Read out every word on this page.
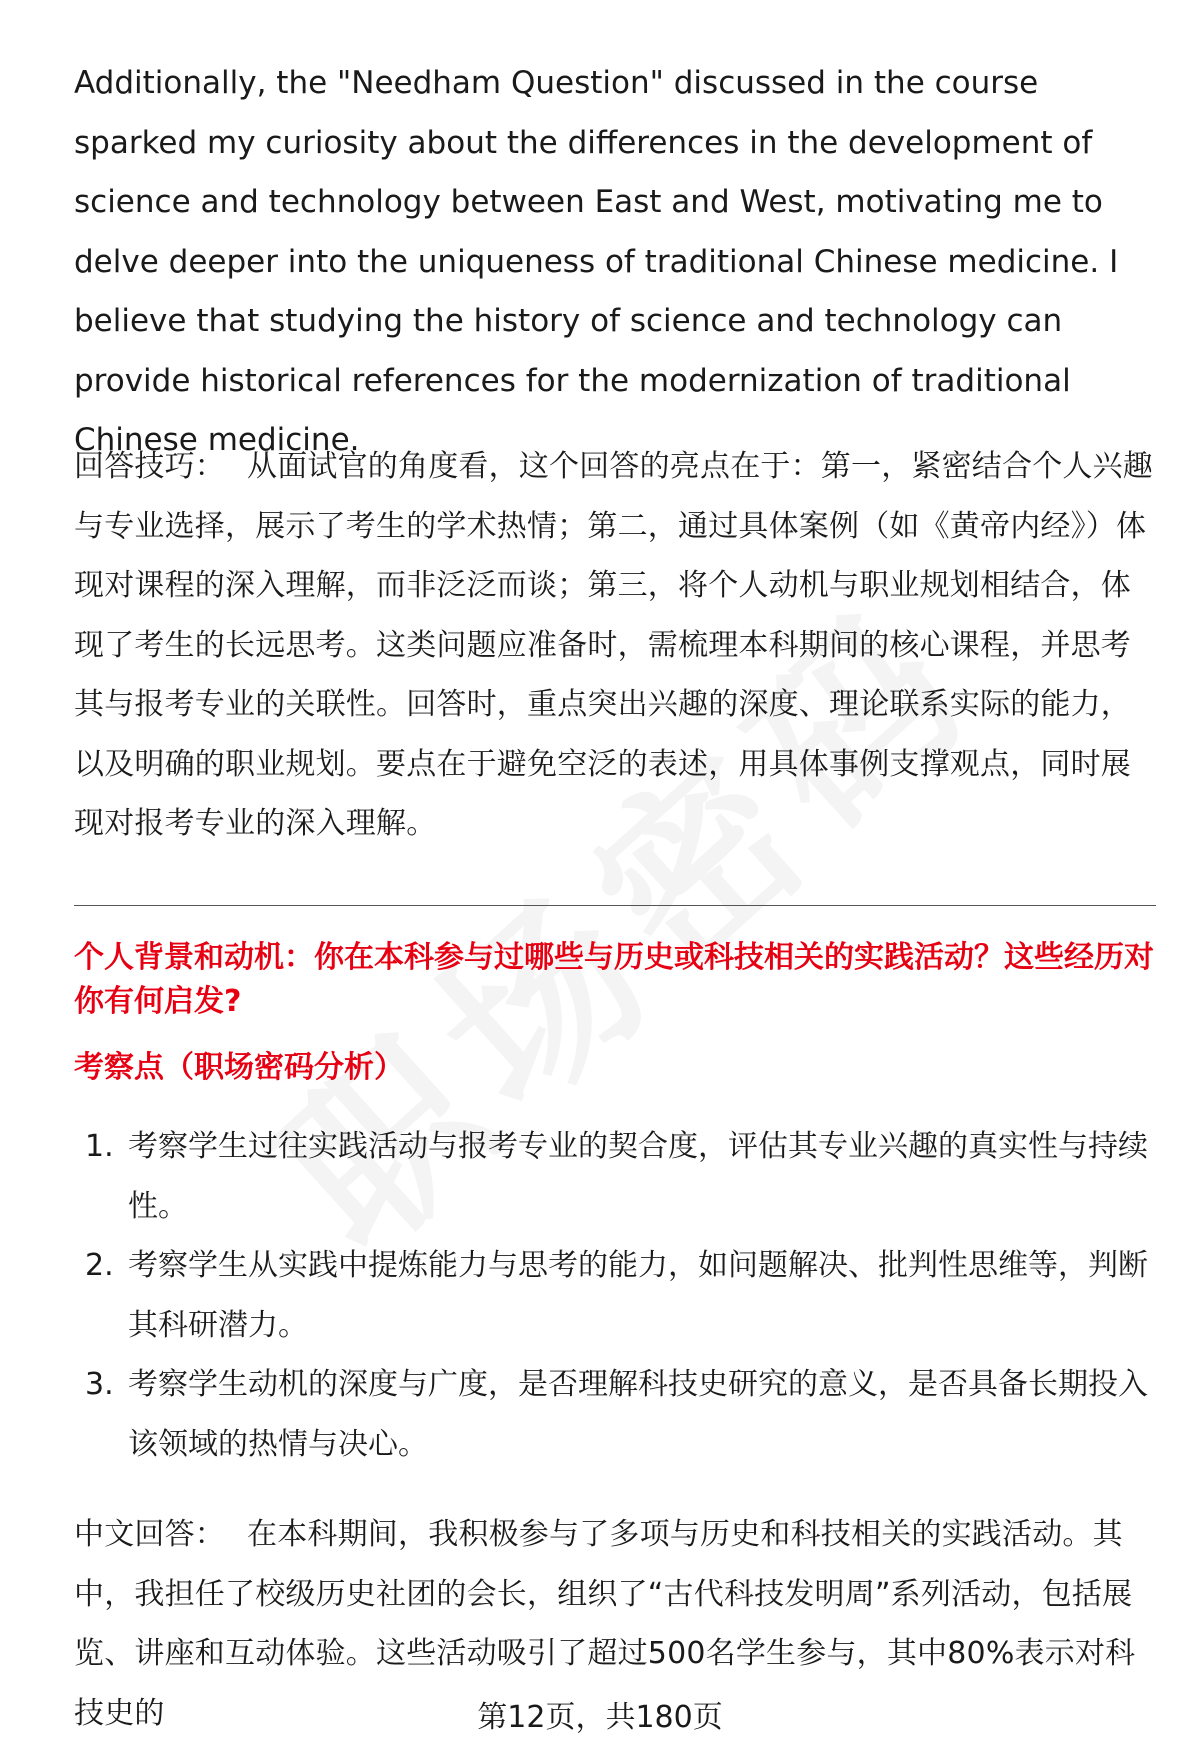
Additionally, the "Needham Question" discussed in the course sparked my curiosity about the differences in the development of science and technology between East and West, motivating me to delve deeper into the uniqueness of traditional Chinese medicine. I believe that studying the history of science and technology can provide historical references for the modernization of traditional Chinese medicine.

回答技巧： 从面试官的角度看，这个回答的亮点在于：第一，紧密结合个人兴趣与专业选择，展示了考生的学术热情；第二，通过具体案例（如《黄帝内经》）体现对课程的深入理解，而非泛泛而谈；第三，将个人动机与职业规划相结合，体现了考生的长远思考。这类问题应准备时，需梳理本科期间的核心课程，并思考其与报考专业的关联性。回答时，重点突出兴趣的深度、理论联系实际的能力，以及明确的职业规划。要点在于避免空泛的表述，用具体事例支撑观点，同时展现对报考专业的深入理解。

个人背景和动机：你在本科参与过哪些与历史或科技相关的实践活动？这些经历对你有何启发?

考察点（职场密码分析）

1. 考察学生过往实践活动与报考专业的契合度，评估其专业兴趣的真实性与持续性。
2. 考察学生从实践中提炼能力与思考的能力，如问题解决、批判性思维等，判断其科研潜力。
3. 考察学生动机的深度与广度，是否理解科技史研究的意义，是否具备长期投入该领域的热情与决心。

中文回答： 在本科期间，我积极参与了多项与历史和科技相关的实践活动。其中，我担任了校级历史社团的会长，组织了“古代科技发明周”系列活动，包括展览、讲座和互动体验。这些活动吸引了超过500名学生参与，其中80%表示对科技史的	第12页，共180页
